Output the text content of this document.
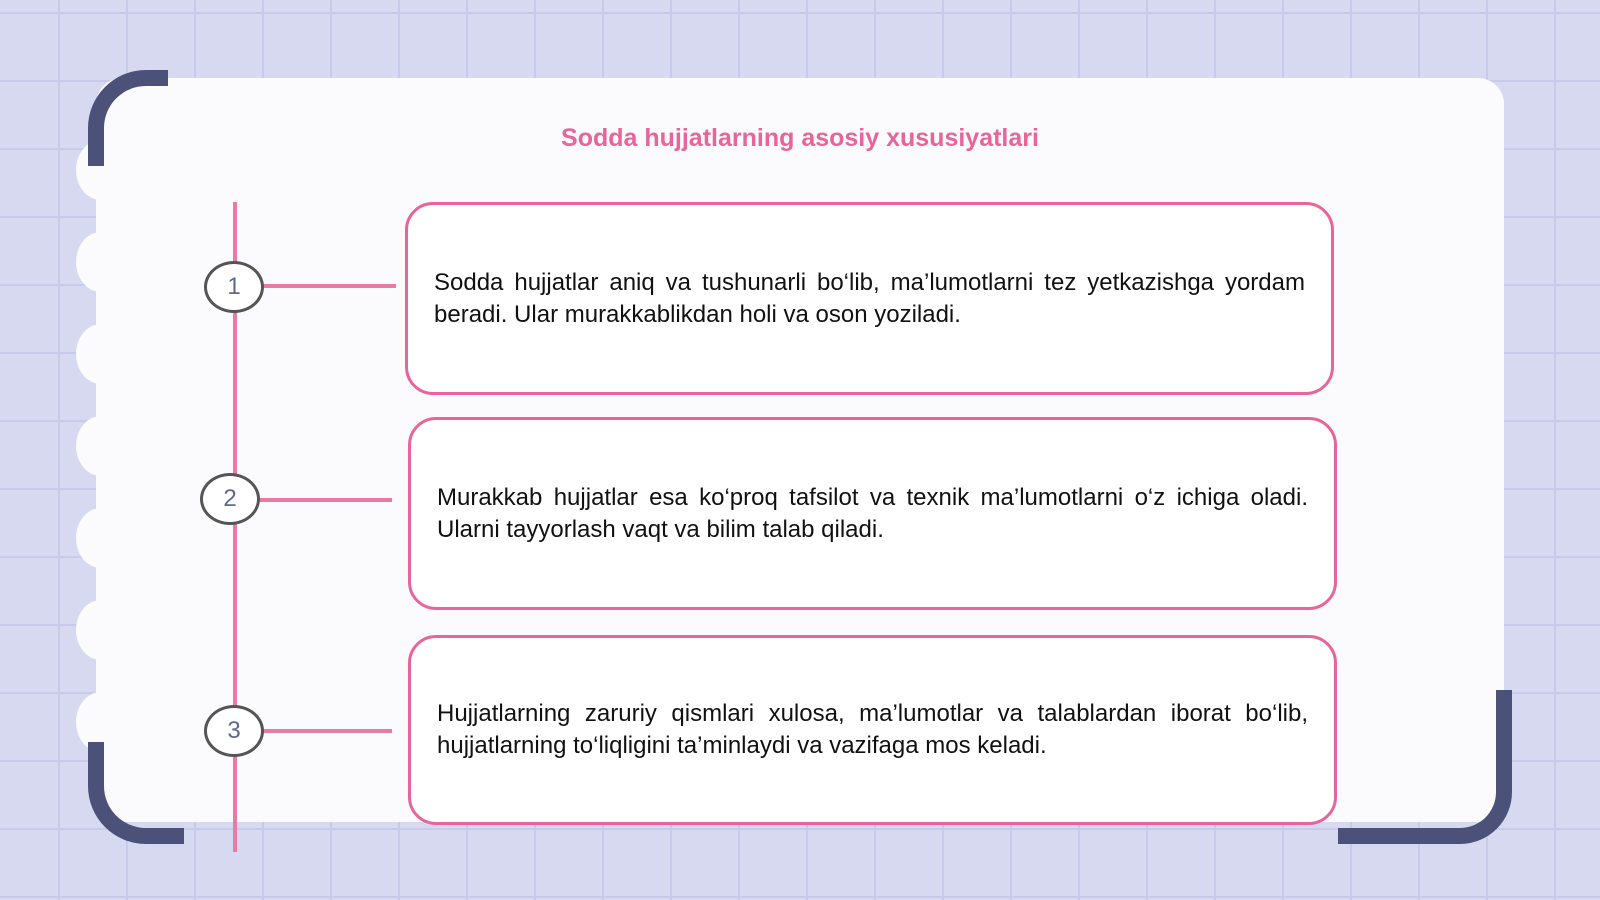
Sodda hujjatlarning asosiy xususiyatlari
1
2
3

Sodda hujjatlar aniq va tushunarli bo‘lib, ma’lumotlarni tez yetkazishga yordam beradi. Ular murakkablikdan holi va oson yoziladi.

Murakkab hujjatlar esa ko‘proq tafsilot va texnik ma’lumotlarni o‘z ichiga oladi. Ularni tayyorlash vaqt va bilim talab qiladi.

Hujjatlarning zaruriy qismlari xulosa, ma’lumotlar va talablardan iborat bo‘lib, hujjatlarning to‘liqligini ta’minlaydi va vazifaga mos keladi.
